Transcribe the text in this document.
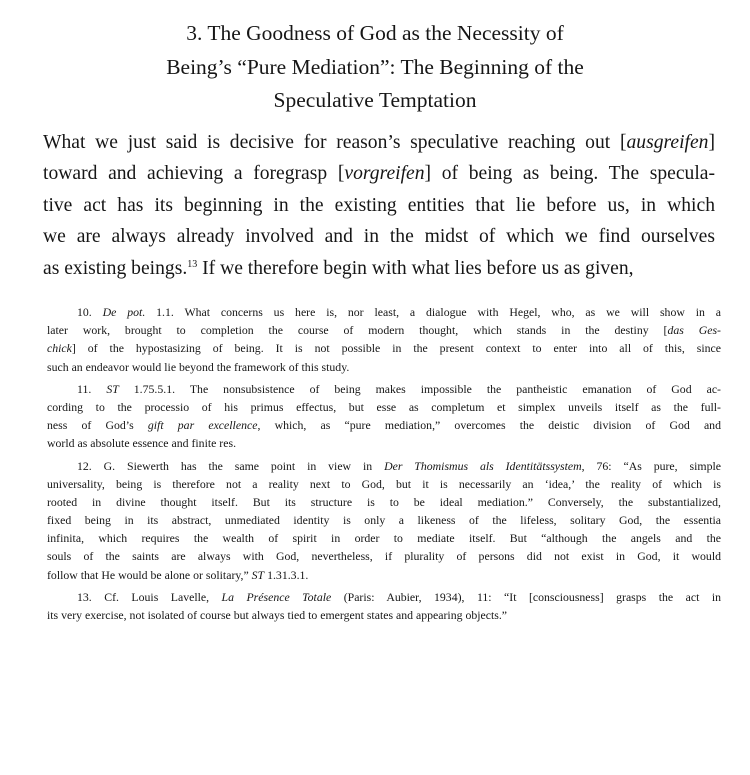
3. The Goodness of God as the Necessity of
Being’s “Pure Mediation”: The Beginning of the
Speculative Temptation
What we just said is decisive for reason’s speculative reaching out [ausgreifen]
toward and achieving a foregrasp [vorgreifen] of being as being. The specula-
tive act has its beginning in the existing entities that lie before us, in which
we are always already involved and in the midst of which we find ourselves
as existing beings.$^{13}$ If we therefore begin with what lies before us as given,
10. De pot. 1.1. What concerns us here is, nor least, a dialogue with Hegel, who, as we will show in a
later work, brought to completion the course of modern thought, which stands in the destiny [das Ges-
chick] of the hypostasizing of being. It is not possible in the present context to enter into all of this, since
such an endeavor would lie beyond the framework of this study.
11. ST 1.75.5.1. The nonsubsistence of being makes impossible the pantheistic emanation of God ac-
cording to the processio of his primus effectus, but esse as completum et simplex unveils itself as the full-
ness of God’s gift par excellence, which, as “pure mediation,” overcomes the deistic division of God and
world as absolute essence and finite res.
12. G. Siewerth has the same point in view in Der Thomismus als Identitätssystem, 76: “As pure, simple
universality, being is therefore not a reality next to God, but it is necessarily an ‘idea,’ the reality of which is
rooted in divine thought itself. But its structure is to be ideal mediation.” Conversely, the substantialized,
fixed being in its abstract, unmediated identity is only a likeness of the lifeless, solitary God, the essentia
infinita, which requires the wealth of spirit in order to mediate itself. But “although the angels and the
souls of the saints are always with God, nevertheless, if plurality of persons did not exist in God, it would
follow that He would be alone or solitary,” ST 1.31.3.1.
13. Cf. Louis Lavelle, La Présence Totale (Paris: Aubier, 1934), 11: “It [consciousness] grasps the act in
its very exercise, not isolated of course but always tied to emergent states and appearing objects.”
